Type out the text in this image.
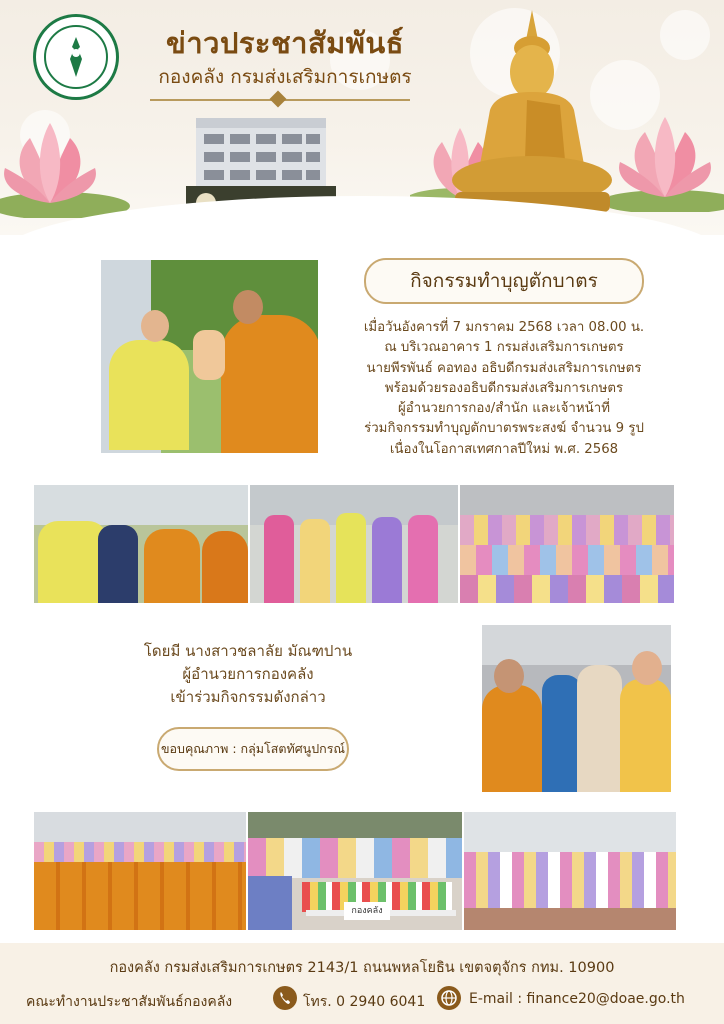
ข่าวประชาสัมพันธ์
กองคลัง กรมส่งเสริมการเกษตร
กิจกรรมทำบุญตักบาตร
เมื่อวันอังคารที่ 7 มกราคม 2568 เวลา 08.00 น.
ณ บริเวณอาคาร 1 กรมส่งเสริมการเกษตร
นายพีรพันธ์ คอทอง อธิบดีกรมส่งเสริมการเกษตร
พร้อมด้วยรองอธิบดีกรมส่งเสริมการเกษตร
ผู้อำนวยการกอง/สำนัก และเจ้าหน้าที่
ร่วมกิจกรรมทำบุญตักบาตรพระสงฆ์ จำนวน 9 รูป
เนื่องในโอกาสเทศกาลปีใหม่ พ.ศ. 2568
โดยมี นางสาวชลาลัย มัณฑปาน
ผู้อำนวยการกองคลัง
เข้าร่วมกิจกรรมดังกล่าว
ขอบคุณภาพ : กลุ่มโสตทัศนูปกรณ์
กองคลัง
กองคลัง กรมส่งเสริมการเกษตร 2143/1 ถนนพหลโยธิน เขตจตุจักร กทม. 10900
คณะทำงานประชาสัมพันธ์กองคลัง	โทร. 0 2940 6041	E-mail : finance20@doae.go.th
